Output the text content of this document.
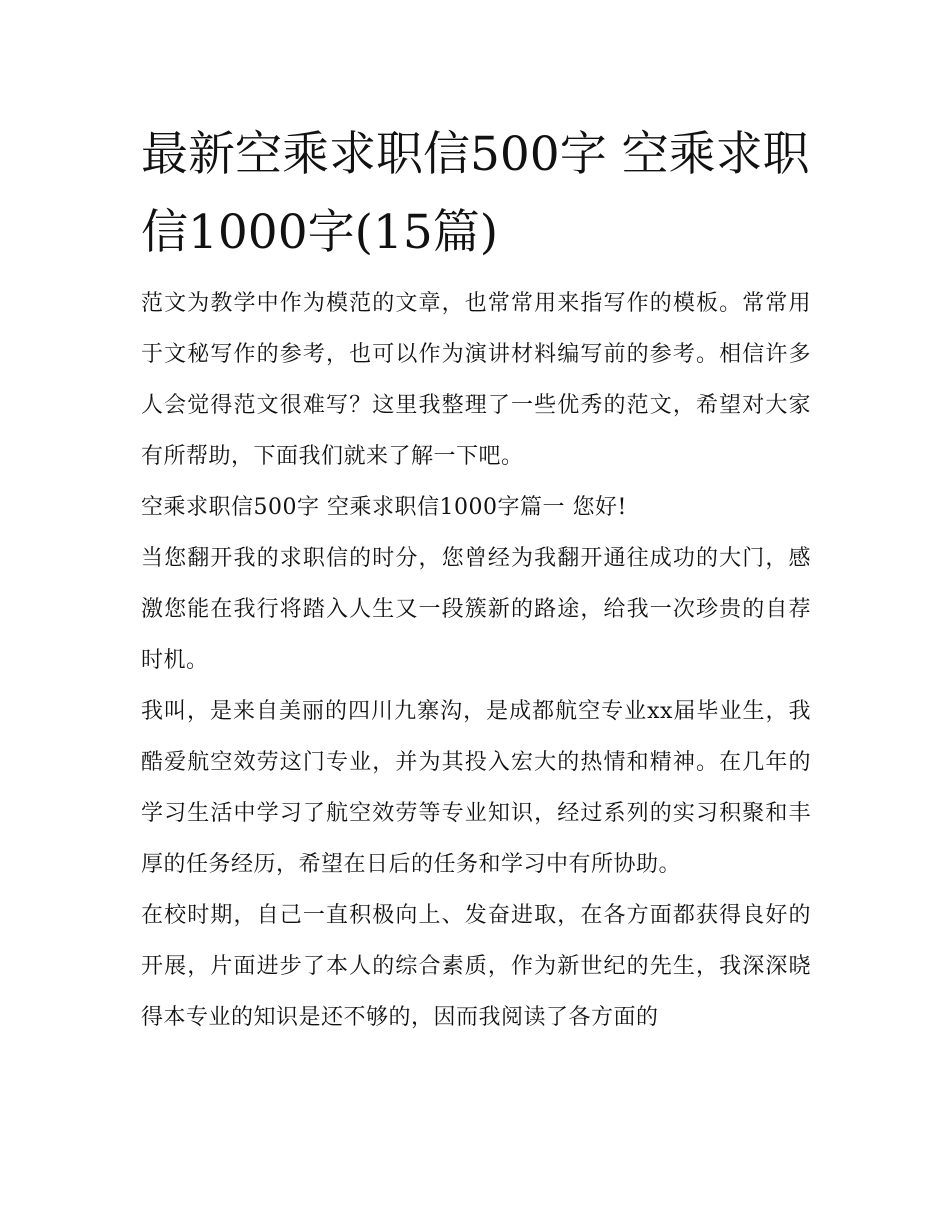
最新空乘求职信500字 空乘求职信1000字(15篇)

范文为教学中作为模范的文章，也常常用来指写作的模板。常常用于文秘写作的参考，也可以作为演讲材料编写前的参考。相信许多人会觉得范文很难写？这里我整理了一些优秀的范文，希望对大家有所帮助，下面我们就来了解一下吧。

空乘求职信500字 空乘求职信1000字篇一 您好!

当您翻开我的求职信的时分，您曾经为我翻开通往成功的大门，感激您能在我行将踏入人生又一段簇新的路途，给我一次珍贵的自荐时机。

我叫，是来自美丽的四川九寨沟，是成都航空专业xx届毕业生，我酷爱航空效劳这门专业，并为其投入宏大的热情和精神。在几年的学习生活中学习了航空效劳等专业知识，经过系列的实习积聚和丰厚的任务经历，希望在日后的任务和学习中有所协助。

在校时期，自己一直积极向上、发奋进取，在各方面都获得良好的开展，片面进步了本人的综合素质，作为新世纪的先生，我深深晓得本专业的知识是还不够的，因而我阅读了各方面的
